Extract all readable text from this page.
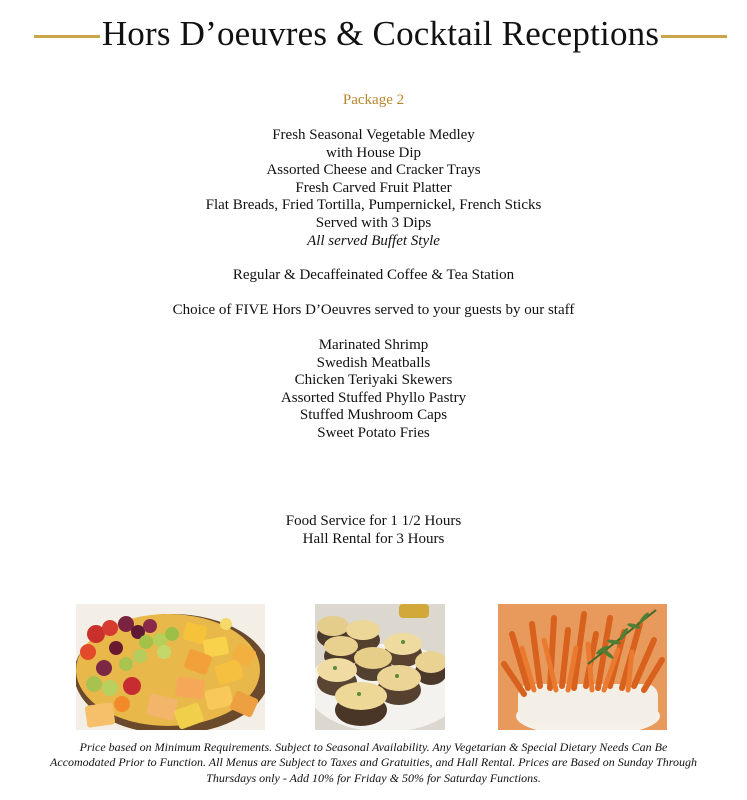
Hors D’oeuvres & Cocktail Receptions
Package 2
Fresh Seasonal Vegetable Medley
with House Dip
Assorted Cheese and Cracker Trays
Fresh Carved Fruit Platter
Flat Breads, Fried Tortilla, Pumpernickel, French Sticks
Served with 3 Dips
All served Buffet Style
Regular & Decaffeinated Coffee & Tea Station
Choice of FIVE Hors D’Oeuvres served to your guests by our staff
Marinated Shrimp
Swedish Meatballs
Chicken Teriyaki Skewers
Assorted Stuffed Phyllo Pastry
Stuffed Mushroom Caps
Sweet Potato Fries
Food Service for 1 1/2 Hours
Hall Rental for 3 Hours
Price based on Minimum Requirements. Subject to Seasonal Availability. Any Vegetarian & Special Dietary Needs Can Be
Accomodated Prior to Function. All Menus are Subject to Taxes and Gratuities, and Hall Rental. Prices are Based on Sunday Through
Thursdays only - Add 10% for Friday & 50% for Saturday Functions.
